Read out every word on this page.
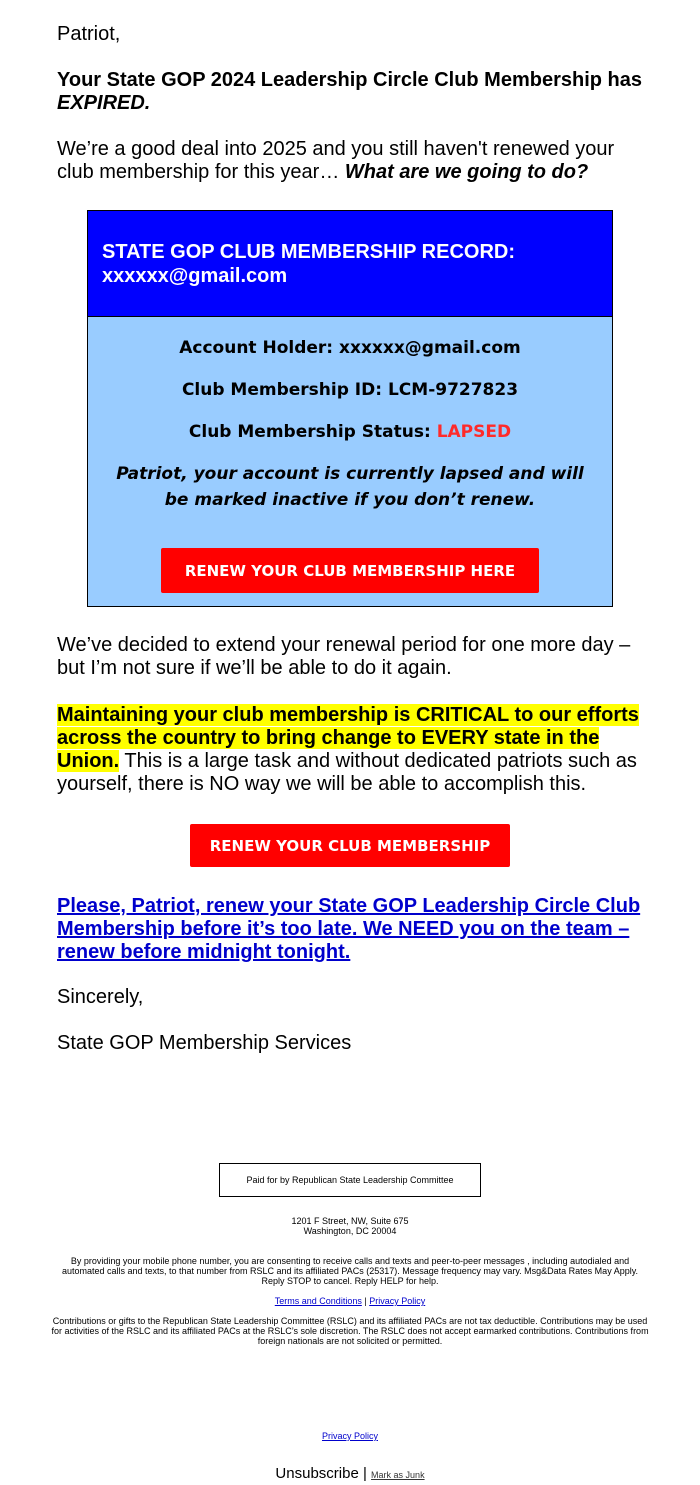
Patriot,

Your State GOP 2024 Leadership Circle Club Membership has EXPIRED.

We’re a good deal into 2025 and you still haven't renewed your club membership for this year… What are we going to do?

We’ve decided to extend your renewal period for one more day – but I’m not sure if we’ll be able to do it again.

Maintaining your club membership is CRITICAL to our efforts across the country to bring change to EVERY state in the Union. This is a large task and without dedicated patriots such as yourself, there is NO way we will be able to accomplish this.

Please, Patriot, renew your State GOP Leadership Circle Club Membership before it’s too late. We NEED you on the team – renew before midnight tonight.

Sincerely,

State GOP Membership Services

STATE GOP CLUB MEMBERSHIP RECORD:
xxxxxx@gmail.com
Account Holder: xxxxxx@gmail.com
Club Membership ID: LCM-9727823
Club Membership Status: LAPSED
Patriot, your account is currently lapsed and will be marked inactive if you don’t renew.
RENEW YOUR CLUB MEMBERSHIP HERE
RENEW YOUR CLUB MEMBERSHIP
Paid for by Republican State Leadership Committee
1201 F Street, NW, Suite 675
Washington, DC 20004
By providing your mobile phone number, you are consenting to receive calls and texts and peer-to-peer messages , including autodialed and automated calls and texts, to that number from RSLC and its affiliated PACs (25317). Message frequency may vary. Msg&Data Rates May Apply. Reply STOP to cancel. Reply HELP for help.
Terms and Conditions | Privacy Policy
Contributions or gifts to the Republican State Leadership Committee (RSLC) and its affiliated PACs are not tax deductible. Contributions may be used for activities of the RSLC and its affiliated PACs at the RSLC’s sole discretion. The RSLC does not accept earmarked contributions. Contributions from foreign nationals are not solicited or permitted.
Privacy Policy
Unsubscribe | Mark as Junk
